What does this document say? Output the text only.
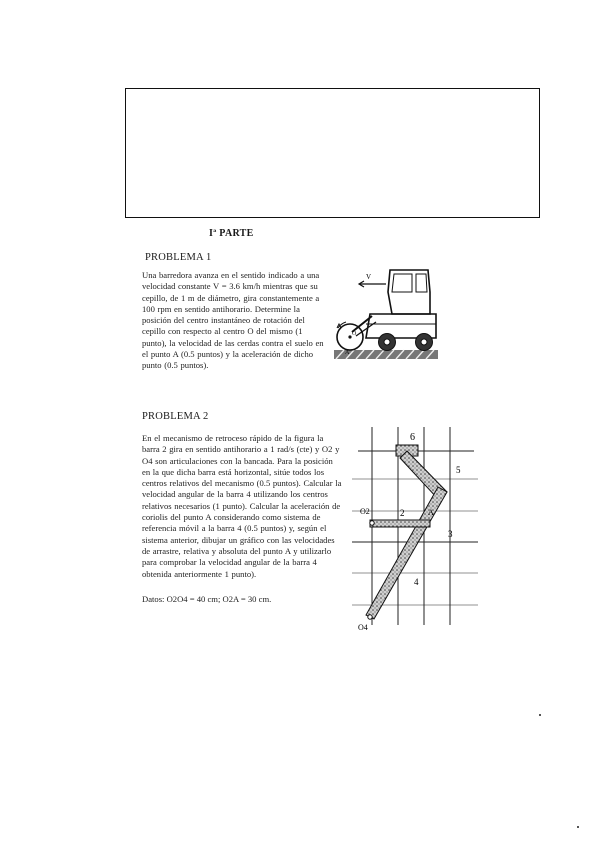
Iª PARTE
PROBLEMA 1
Una barredora avanza en el sentido indicado a una velocidad constante V = 3.6 km/h mientras que su cepillo, de 1 m de diámetro, gira constantemente a 100 rpm en sentido antihorario. Determine la posición del centro instantáneo de rotación del cepillo con respecto al centro O del mismo (1 punto), la velocidad de las cerdas contra el suelo en el punto A (0.5 puntos) y la aceleración de dicho punto (0.5 puntos).
V
O
A
PROBLEMA 2
En el mecanismo de retroceso rápido de la figura la barra 2 gira en sentido antihorario a 1 rad/s (cte) y O2 y O4 son articulaciones con la bancada. Para la posición en la que dicha barra está horizontal, sitúe todos los centros relativos del mecanismo (0.5 puntos). Calcular la velocidad angular de la barra 4 utilizando los centros relativos necesarios (1 punto). Calcular la aceleración de coriolis del punto A considerando como sistema de referencia móvil a la barra 4 (0.5 puntos) y, según el sistema anterior, dibujar un gráfico con las velocidades de arrastre, relativa y absoluta del punto A y utilizarlo para comprobar la velocidad angular de la barra 4 obtenida anteriormente 1 punto).
Datos: O2O4 = 40 cm; O2A = 30 cm.
6
5
2	A
3
4
O2
O4
